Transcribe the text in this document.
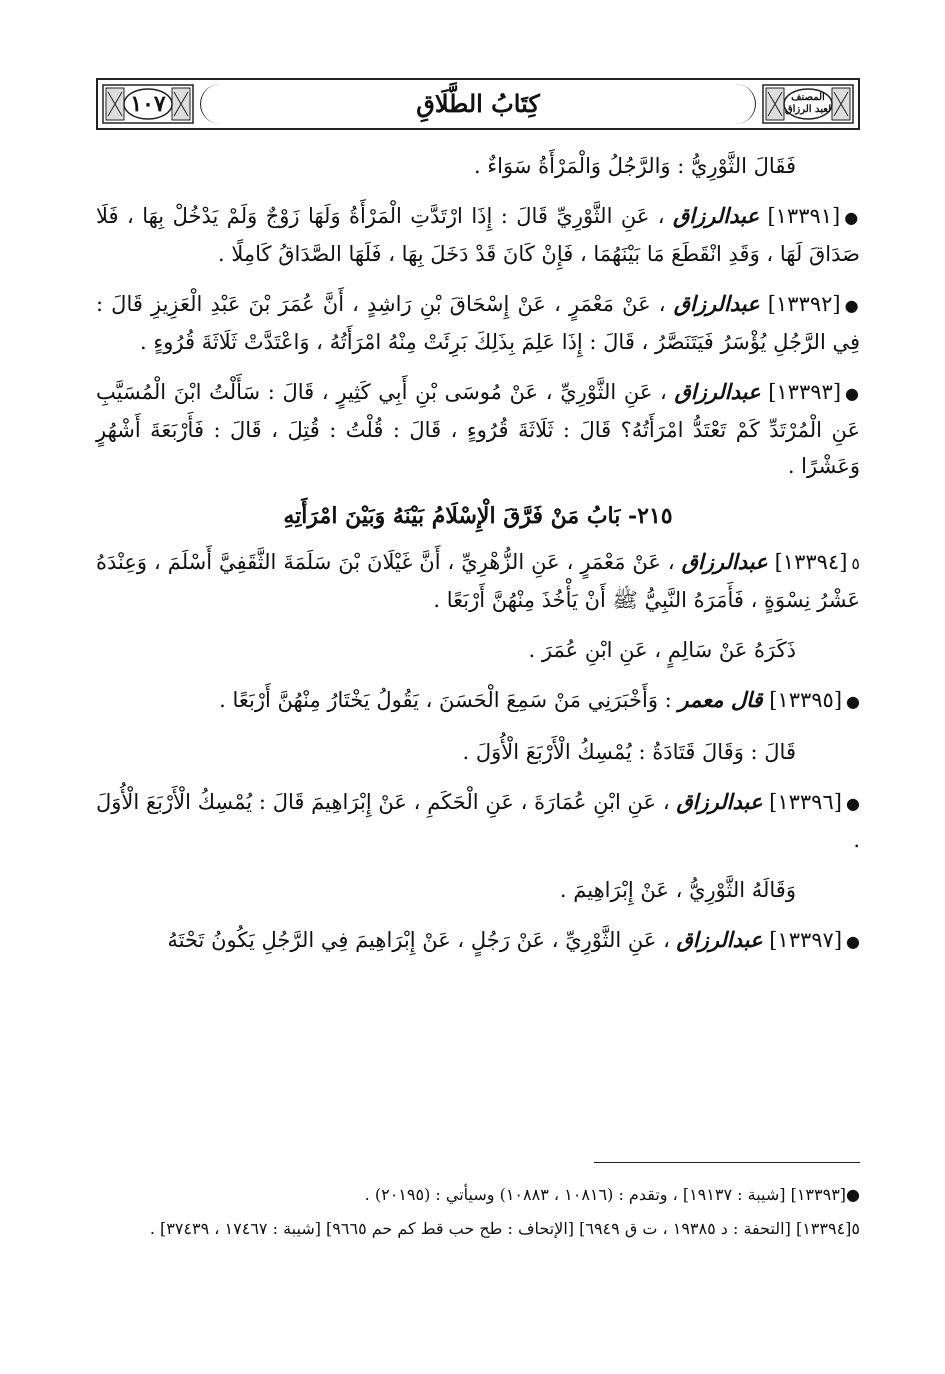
١٠٧	كِتَابُ الطَّلَاقِ	المصنف
لعبد الرزاق

فَقَالَ الثَّوْرِيُّ : وَالرَّجُلُ وَالْمَرْأَةُ سَوَاءٌ .

●[١٣٣٩١] عبدالرزاق ، عَنِ الثَّوْرِيِّ قَالَ : إِذَا ارْتَدَّتِ الْمَرْأَةُ وَلَهَا زَوْجٌ وَلَمْ يَدْخُلْ بِهَا ، فَلَا صَدَاقَ لَهَا ، وَقَدِ انْقَطَعَ مَا بَيْنَهُمَا ، فَإِنْ كَانَ قَدْ دَخَلَ بِهَا ، فَلَهَا الصَّدَاقُ كَامِلًا .

●[١٣٣٩٢] عبدالرزاق ، عَنْ مَعْمَرٍ ، عَنْ إِسْحَاقَ بْنِ رَاشِدٍ ، أَنَّ عُمَرَ بْنَ عَبْدِ الْعَزِيزِ قَالَ : فِي الرَّجُلِ يُؤْسَرُ فَيَتَنَصَّرُ ، قَالَ : إِذَا عَلِمَ بِذَلِكَ بَرِئَتْ مِنْهُ امْرَأَتُهُ ، وَاعْتَدَّتْ ثَلَاثَةَ قُرُوءٍ .

●[١٣٣٩٣] عبدالرزاق ، عَنِ الثَّوْرِيِّ ، عَنْ مُوسَى بْنِ أَبِي كَثِيرٍ ، قَالَ : سَأَلْتُ ابْنَ الْمُسَيَّبِ عَنِ الْمُرْتَدِّ كَمْ تَعْتَدُّ امْرَأَتُهُ؟ قَالَ : ثَلَاثَةَ قُرُوءٍ ، قَالَ : قُلْتُ : قُتِلَ ، قَالَ : فَأَرْبَعَةَ أَشْهُرٍ وَعَشْرًا .

٢١٥- بَابُ مَنْ فَرَّقَ الْإِسْلَامُ بَيْنَهُ وَبَيْنَ امْرَأَتِهِ

٥[١٣٣٩٤] عبدالرزاق ، عَنْ مَعْمَرٍ ، عَنِ الزُّهْرِيِّ ، أَنَّ غَيْلَانَ بْنَ سَلَمَةَ الثَّقَفِيَّ أَسْلَمَ ، وَعِنْدَهُ عَشْرُ نِسْوَةٍ ، فَأَمَرَهُ النَّبِيُّ ﷺ أَنْ يَأْخُذَ مِنْهُنَّ أَرْبَعًا .

ذَكَرَهُ عَنْ سَالِمٍ ، عَنِ ابْنِ عُمَرَ .

●[١٣٣٩٥] قال معمر : وَأَخْبَرَنِي مَنْ سَمِعَ الْحَسَنَ ، يَقُولُ يَخْتَارُ مِنْهُنَّ أَرْبَعًا .

قَالَ : وَقَالَ قَتَادَةُ : يُمْسِكُ الْأَرْبَعَ الْأُوَلَ .

●[١٣٣٩٦] عبدالرزاق ، عَنِ ابْنِ عُمَارَةَ ، عَنِ الْحَكَمِ ، عَنْ إِبْرَاهِيمَ قَالَ : يُمْسِكُ الْأَرْبَعَ الْأُوَلَ .

وَقَالَهُ الثَّوْرِيُّ ، عَنْ إِبْرَاهِيمَ .

●[١٣٣٩٧] عبدالرزاق ، عَنِ الثَّوْرِيِّ ، عَنْ رَجُلٍ ، عَنْ إِبْرَاهِيمَ فِي الرَّجُلِ يَكُونُ تَحْتَهُ

●[١٣٣٩٣] [شيبة : ١٩١٣٧] ، وتقدم : (١٠٨١٦ ، ١٠٨٨٣) وسيأتي : (٢٠١٩٥) .

٥[١٣٣٩٤] [التحفة : د ١٩٣٨٥ ، ت ق ٦٩٤٩] [الإتحاف : طح حب قط كم حم ٩٦٦٥] [شيبة : ١٧٤٦٧ ، ٣٧٤٣٩] .
